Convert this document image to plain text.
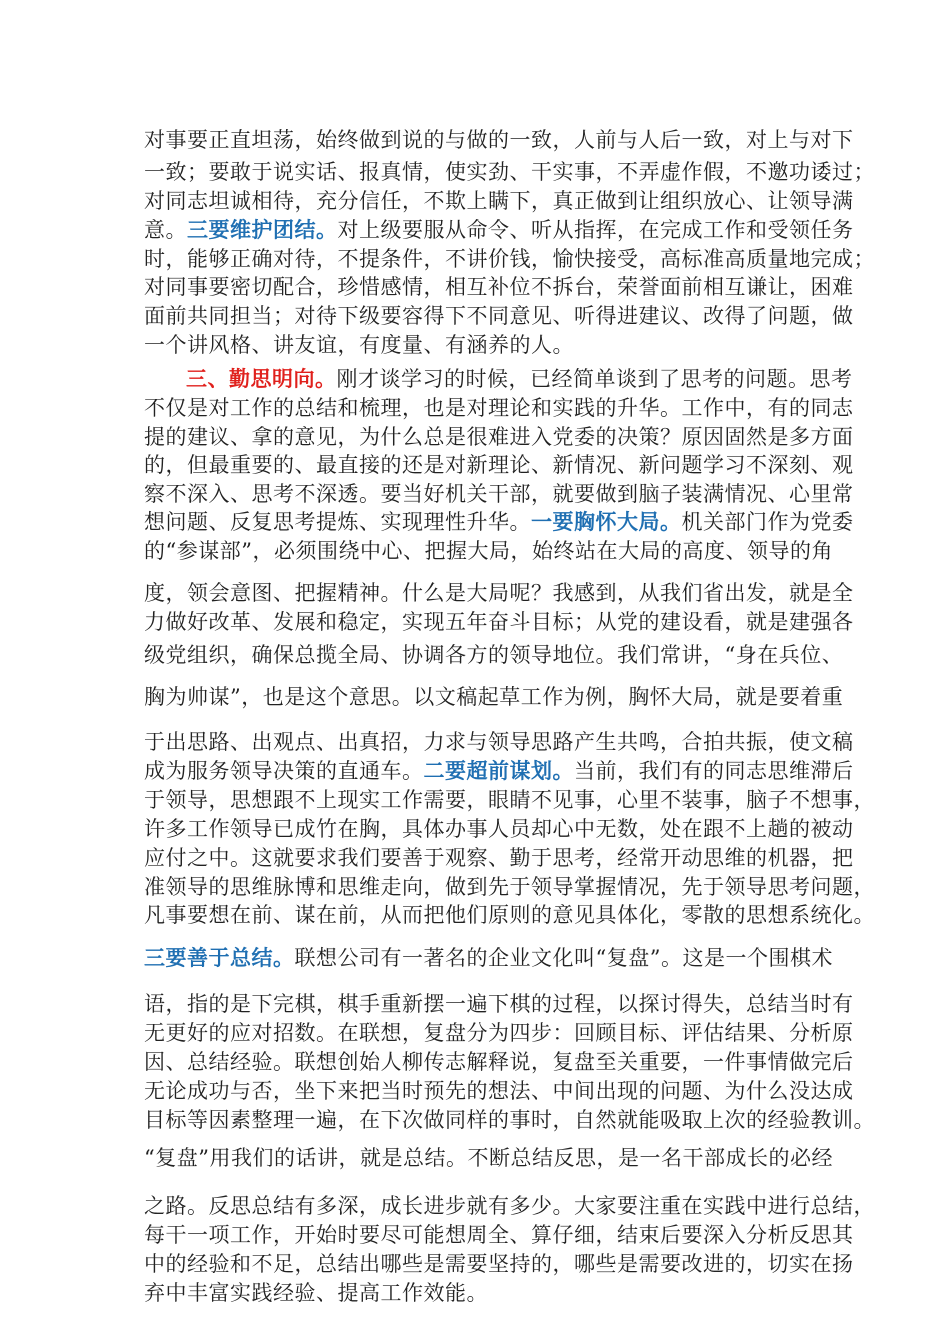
对事要正直坦荡，始终做到说的与做的一致，人前与人后一致，对上与对下
一致；要敢于说实话、报真情，使实劲、干实事，不弄虚作假，不邀功诿过；
对同志坦诚相待，充分信任，不欺上瞒下，真正做到让组织放心、让领导满
意。三要维护团结。对上级要服从命令、听从指挥，在完成工作和受领任务
时，能够正确对待，不提条件，不讲价钱，愉快接受，高标准高质量地完成；
对同事要密切配合，珍惜感情，相互补位不拆台，荣誉面前相互谦让，困难
面前共同担当；对待下级要容得下不同意见、听得进建议、改得了问题，做
一个讲风格、讲友谊，有度量、有涵养的人。
三、勤思明向。刚才谈学习的时候，已经简单谈到了思考的问题。思考
不仅是对工作的总结和梳理，也是对理论和实践的升华。工作中，有的同志
提的建议、拿的意见，为什么总是很难进入党委的决策？原因固然是多方面
的，但最重要的、最直接的还是对新理论、新情况、新问题学习不深刻、观
察不深入、思考不深透。要当好机关干部，就要做到脑子装满情况、心里常
想问题、反复思考提炼、实现理性升华。一要胸怀大局。机关部门作为党委
的“参谋部”，必须围绕中心、把握大局，始终站在大局的高度、领导的角
度，领会意图、把握精神。什么是大局呢？我感到，从我们省出发，就是全
力做好改革、发展和稳定，实现五年奋斗目标；从党的建设看，就是建强各
级党组织，确保总揽全局、协调各方的领导地位。我们常讲，“身在兵位、
胸为帅谋”，也是这个意思。以文稿起草工作为例，胸怀大局，就是要着重
于出思路、出观点、出真招，力求与领导思路产生共鸣，合拍共振，使文稿
成为服务领导决策的直通车。二要超前谋划。当前，我们有的同志思维滞后
于领导，思想跟不上现实工作需要，眼睛不见事，心里不装事，脑子不想事，
许多工作领导已成竹在胸，具体办事人员却心中无数，处在跟不上趟的被动
应付之中。这就要求我们要善于观察、勤于思考，经常开动思维的机器，把
准领导的思维脉博和思维走向，做到先于领导掌握情况，先于领导思考问题，
凡事要想在前、谋在前，从而把他们原则的意见具体化，零散的思想系统化。
三要善于总结。联想公司有一著名的企业文化叫“复盘”。这是一个围棋术
语，指的是下完棋，棋手重新摆一遍下棋的过程，以探讨得失，总结当时有
无更好的应对招数。在联想，复盘分为四步：回顾目标、评估结果、分析原
因、总结经验。联想创始人柳传志解释说，复盘至关重要，一件事情做完后
无论成功与否，坐下来把当时预先的想法、中间出现的问题、为什么没达成
目标等因素整理一遍，在下次做同样的事时，自然就能吸取上次的经验教训。
“复盘”用我们的话讲，就是总结。不断总结反思，是一名干部成长的必经
之路。反思总结有多深，成长进步就有多少。大家要注重在实践中进行总结，
每干一项工作，开始时要尽可能想周全、算仔细，结束后要深入分析反思其
中的经验和不足，总结出哪些是需要坚持的，哪些是需要改进的，切实在扬
弃中丰富实践经验、提高工作效能。
